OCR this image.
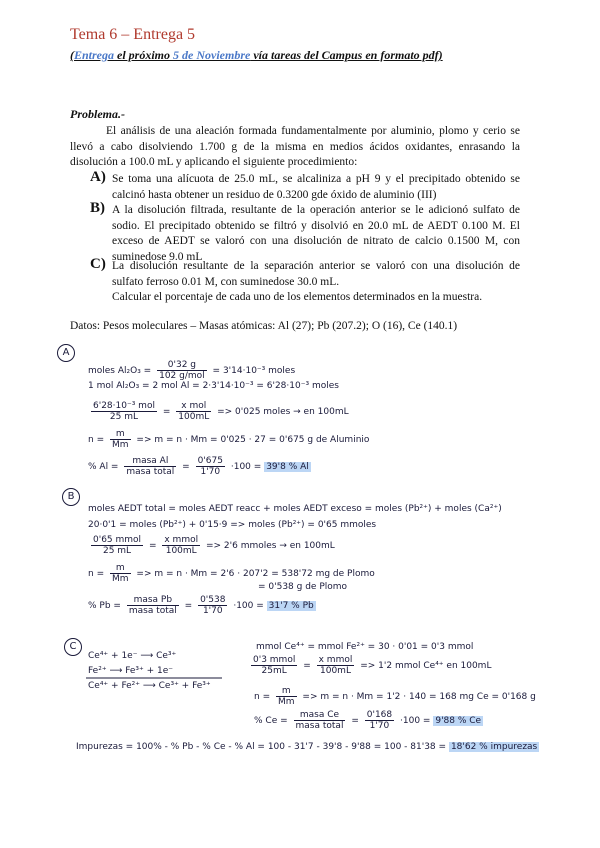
Tema 6 – Entrega 5
(Entrega el próximo 5 de Noviembre vía tareas del Campus en formato pdf)
Problema.-
El análisis de una aleación formada fundamentalmente por aluminio, plomo y cerio se llevó a cabo disolviendo 1.700 g de la misma en medios ácidos oxidantes, enrasando la disolución a 100.0 mL y aplicando el siguiente procedimiento:
A) Se toma una alícuota de 25.0 mL, se alcaliniza a pH 9 y el precipitado obtenido se calcinó hasta obtener un residuo de 0.3200 gde óxido de aluminio (III)
B) A la disolución filtrada, resultante de la operación anterior se le adicionó sulfato de sodio. El precipitado obtenido se filtró y disolvió en 20.0 mL de AEDT 0.100 M. El exceso de AEDT se valoró con una disolución de nitrato de calcio 0.1500 M, con suminedose 9.0 mL
C) La disolución resultante de la separación anterior se valoró con una disolución de sulfato ferroso 0.01 M, con suminedose 30.0 mL.
Calcular el porcentaje de cada uno de los elementos determinados en la muestra.
Datos: Pesos moleculares – Masas atómicas: Al (27); Pb (207.2); O (16), Ce (140.1)
A
moles $Al_2O_3 = \frac{0'32 g}{\text{102 g/mol}} = 3'14\cdot 10^{-3}$ moles
1 mol Al₂O₃ = 2 mol Al = 2·3'14·10⁻³ = 6'28·10⁻³ moles
$\frac{\text{6'28·10⁻³ mol}}{25 mL} = \frac{\text{x mol}}{100mL} => 0'025$ moles → en 100mL
$n = \frac{m}{Mm} => m = n \cdot Mm = 0'025 \cdot 27 = 0'675$ g de Aluminio
% $Al = \frac{\text{masa Al}}{\text{masa total}} = \frac{0'675}{1'70} \cdot 100 = 39'8$ % Al
B
moles AEDT total = moles AEDT reacc + moles AEDT exceso = moles (Pb²⁺) + moles (Ca²⁺)
20·0'1 = moles (Pb²⁺) + 0'15·9 => moles (Pb²⁺) = 0'65 mmoles
$\frac{\text{0'65 mmol}}{25 mL} = \frac{\text{x mmol}}{100mL} => 2'6$ mmoles → en 100mL
$n = \frac{m}{Mm} => m = n \cdot Mm = 2'6 \cdot 207'2 = 538'72$ mg de Plomo
= 0'538 g de Plomo
% $Pb = \frac{\text{masa Pb}}{\text{masa total}} = \frac{0'538}{1'70} \cdot 100 = 31'7$ % Pb
C
Ce⁴⁺ + 1e⁻ ⟶ Ce³⁺
Fe²⁺ ⟶ Fe³⁺ + 1e⁻
Ce⁴⁺ + Fe²⁺ ⟶ Ce³⁺ + Fe³⁺
mmol Ce⁴⁺ = mmol Fe²⁺ = 30 · 0'01 = 0'3 mmol
$\frac{\text{0'3 mmol}}{25mL} = \frac{\text{x mmol}}{100mL} => 1'2$ mmol Ce⁴⁺ en 100mL
$n = \frac{m}{Mm} => m = n \cdot Mm = 1'2 \cdot 140 = 168$ mg Ce = 0'168 g
% $Ce = \frac{\text{masa Ce}}{\text{masa total}} = \frac{0'168}{1'70} \cdot 100 = 9'88$ % Ce
Impurezas = 100% - % Pb - % Ce - % Al = 100 - 31'7 - 39'8 - 9'88 = 100 - 81'38 = 18'62 % impurezas
